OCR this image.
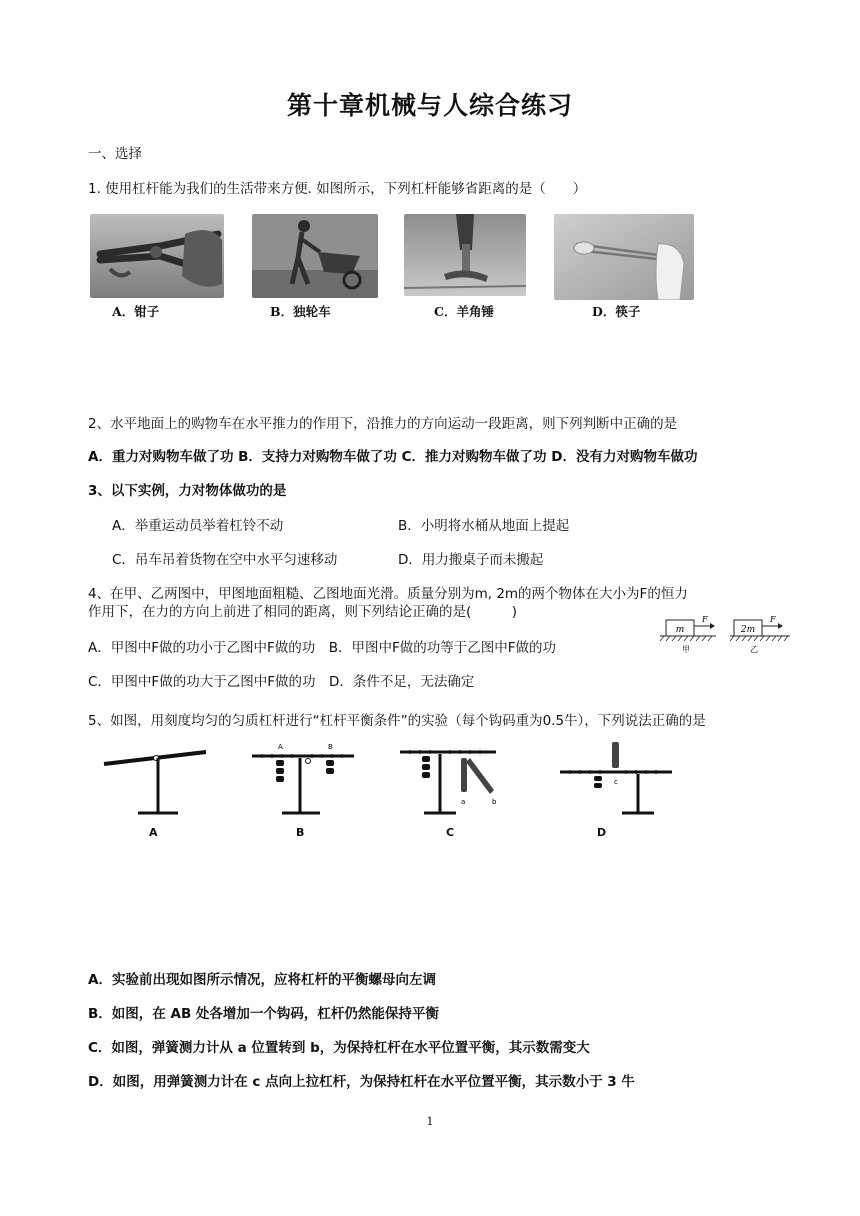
第十章机械与人综合练习
一、选择
1. 使用杠杆能为我们的生活带来方便. 如图所示，下列杠杆能够省距离的是（　　）
A．钳子	B．独轮车	C．羊角锤	D．筷子
2、水平地面上的购物车在水平推力的作用下，沿推力的方向运动一段距离，则下列判断中正确的是
A．重力对购物车做了功 B．支持力对购物车做了功 C．推力对购物车做了功 D．没有力对购物车做功
3、以下实例，力对物体做功的是
A．举重运动员举着杠铃不动	B．小明将水桶从地面上提起
C．吊车吊着货物在空中水平匀速移动	D．用力搬桌子而未搬起
4、在甲、乙两图中，甲图地面粗糙、乙图地面光滑。质量分别为m, 2m的两个物体在大小为F的恒力
作用下，在力的方向上前进了相同的距离，则下列结论正确的是(　　　)
A．甲图中F做的功小于乙图中F做的功　B．甲图中F做的功等于乙图中F做的功
C．甲图中F做的功大于乙图中F做的功　D．条件不足，无法确定
m
F
甲
2m
F
乙
5、如图，用刻度均匀的匀质杠杆进行“杠杆平衡条件”的实验（每个钩码重为0.5牛），下列说法正确的是
A
A	B
B
a	b
C
c
D
A．实验前出现如图所示情况，应将杠杆的平衡螺母向左调
B．如图，在 AB 处各增加一个钩码，杠杆仍然能保持平衡
C．如图，弹簧测力计从 a 位置转到 b，为保持杠杆在水平位置平衡，其示数需变大
D．如图，用弹簧测力计在 c 点向上拉杠杆，为保持杠杆在水平位置平衡，其示数小于 3 牛
1
